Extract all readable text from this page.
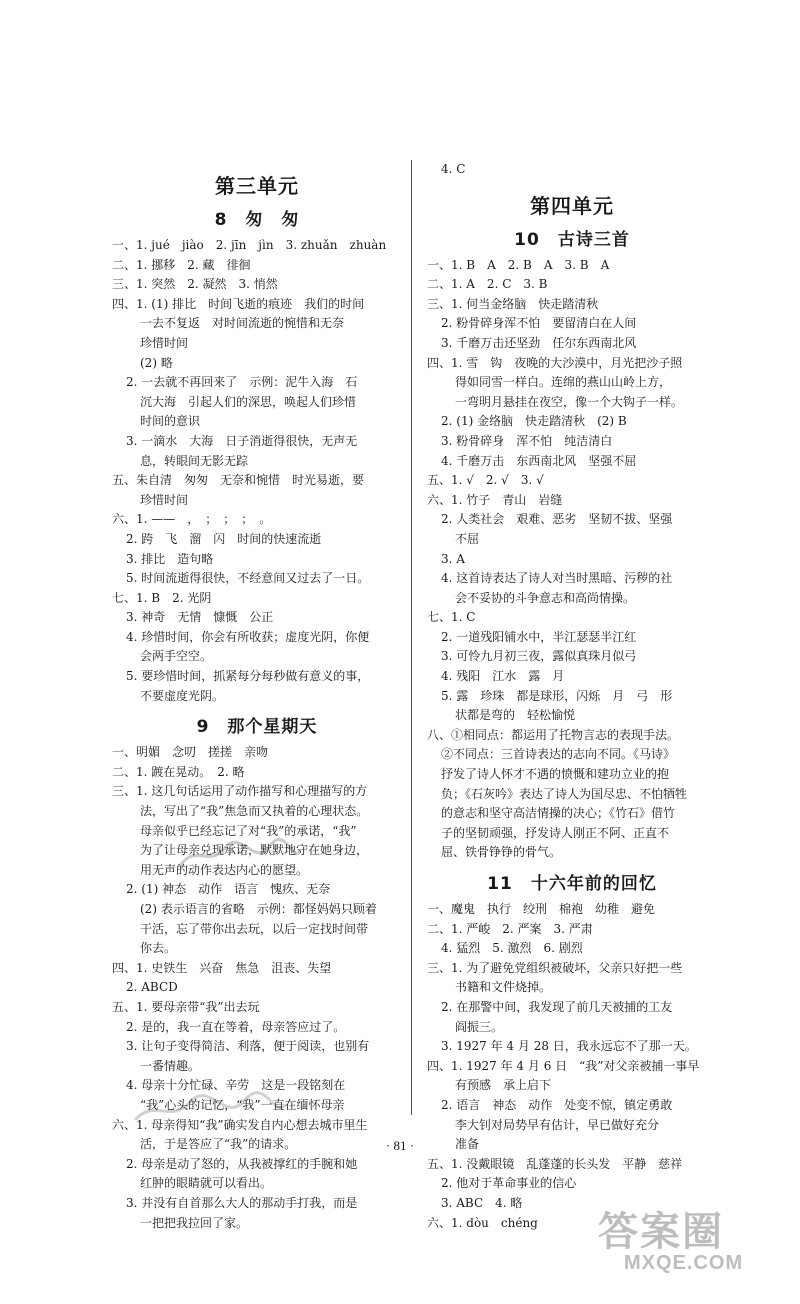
第三单元
8　匆　匆
一、1. jué　jiào　2. jīn　jìn　3. zhuǎn　zhuàn
二、1. 挪移　2. 藏　徘徊
三、1. 突然　2. 凝然　3. 悄然
四、1. (1) 排比　时间飞逝的痕迹　我们的时间
一去不复返　对时间流逝的惋惜和无奈
珍惜时间
(2) 略
2. 一去就不再回来了　示例：泥牛入海　石
沉大海　引起人们的深思，唤起人们珍惜
时间的意识
3. 一滴水　大海　日子消逝得很快，无声无
息，转眼间无影无踪
五、朱自清　匆匆　无奈和惋惜　时光易逝，要
珍惜时间
六、1. ——　，　；　；　；　。
2. 跨　飞　溜　闪　时间的快速流逝
3. 排比　造句略
5. 时间流逝得很快，不经意间又过去了一日。
七、1. B　2. 光阴
3. 神奇　无情　慷慨　公正
4. 珍惜时间，你会有所收获；虚度光阴，你便
会两手空空。
5. 要珍惜时间，抓紧每分每秒做有意义的事，
不要虚度光阴。
9　那个星期天
一、明媚　念叨　搓搓　亲吻
二、1. 踱在晃动。　2. 略
三、1. 这几句话运用了动作描写和心理描写的方
法，写出了“我”焦急而又执着的心理状态。
母亲似乎已经忘记了对“我”的承诺，“我”
为了让母亲兑现承诺，默默地守在她身边，
用无声的动作表达内心的愿望。
2. (1) 神态　动作　语言　愧疚、无奈
(2) 表示语言的省略　示例：都怪妈妈只顾着
干活，忘了带你出去玩，以后一定找时间带
你去。
四、1. 史铁生　兴奋　焦急　沮丧、失望
2. ABCD
五、1. 要母亲带“我”出去玩
2. 是的，我一直在等着，母亲答应过了。
3. 让句子变得简洁、利落，便于阅读，也别有
一番情趣。
4. 母亲十分忙碌、辛劳　这是一段铭刻在
“我”心头的记忆，“我”一直在缅怀母亲
六、1. 母亲得知“我”确实发自内心想去城市里生
活，于是答应了“我”的请求。
2. 母亲是动了怒的，从我被撑红的手腕和她
红肿的眼睛就可以看出。
3. 并没有自首那么大人的那动手打我，而是
一把把我拉回了家。
4. C
第四单元
10　古诗三首
一、1. B　A　2. B　A　3. B　A
二、1. A　2. C　3. B
三、1. 何当金络脑　快走踏清秋
2. 粉骨碎身浑不怕　要留清白在人间
3. 千磨万击还坚劲　任尔东西南北风
四、1. 雪　钩　夜晚的大沙漠中，月光把沙子照
得如同雪一样白。连绵的燕山山岭上方，
一弯明月悬挂在夜空，像一个大钩子一样。
2. (1) 金络脑　快走踏清秋　(2) B
3. 粉骨碎身　浑不怕　纯洁清白
4. 千磨万击　东西南北风　坚强不屈
五、1. √　2. √　3. √
六、1. 竹子　青山　岩缝
2. 人类社会　艰难、恶劣　坚韧不拔、坚强
不屈
3. A
4. 这首诗表达了诗人对当时黑暗、污秽的社
会不妥协的斗争意志和高尚情操。
七、1. C
2. 一道残阳铺水中，半江瑟瑟半江红
3. 可怜九月初三夜，露似真珠月似弓
4. 残阳　江水　露　月
5. 露　珍珠　都是球形，闪烁　月　弓　形
状都是弯的　轻松愉悦
八、①相同点：都运用了托物言志的表现手法。
②不同点：三首诗表达的志向不同。《马诗》
抒发了诗人怀才不遇的愤慨和建功立业的抱
负；《石灰吟》表达了诗人为国尽忠、不怕牺牲
的意志和坚守高洁情操的决心；《竹石》借竹
子的坚韧顽强，抒发诗人刚正不阿、正直不
屈、铁骨铮铮的骨气。
11　十六年前的回忆
一、魔鬼　执行　绞刑　棉袍　幼稚　避免
二、1. 严峻　2. 严案　3. 严肃
4. 猛烈　5. 激烈　6. 剧烈
三、1. 为了避免党组织被破坏，父亲只好把一些
书籍和文件烧掉。
2. 在那警中间，我发现了前几天被捕的工友
阎振三。
3. 1927 年 4 月 28 日，我永远忘不了那一天。
四、1. 1927 年 4 月 6 日　“我”对父亲被捕一事早
有预感　承上启下
2. 语言　神态　动作　处变不惊，镇定勇敢
李大钊对局势早有估计，早已做好充分
准备
五、1. 没戴眼镜　乱蓬蓬的长头发　平静　慈祥
2. 他对于革命事业的信心
3. ABC　4. 略
六、1. dòu　chéng
· 81 ·
答案圈
MXQE.COM
